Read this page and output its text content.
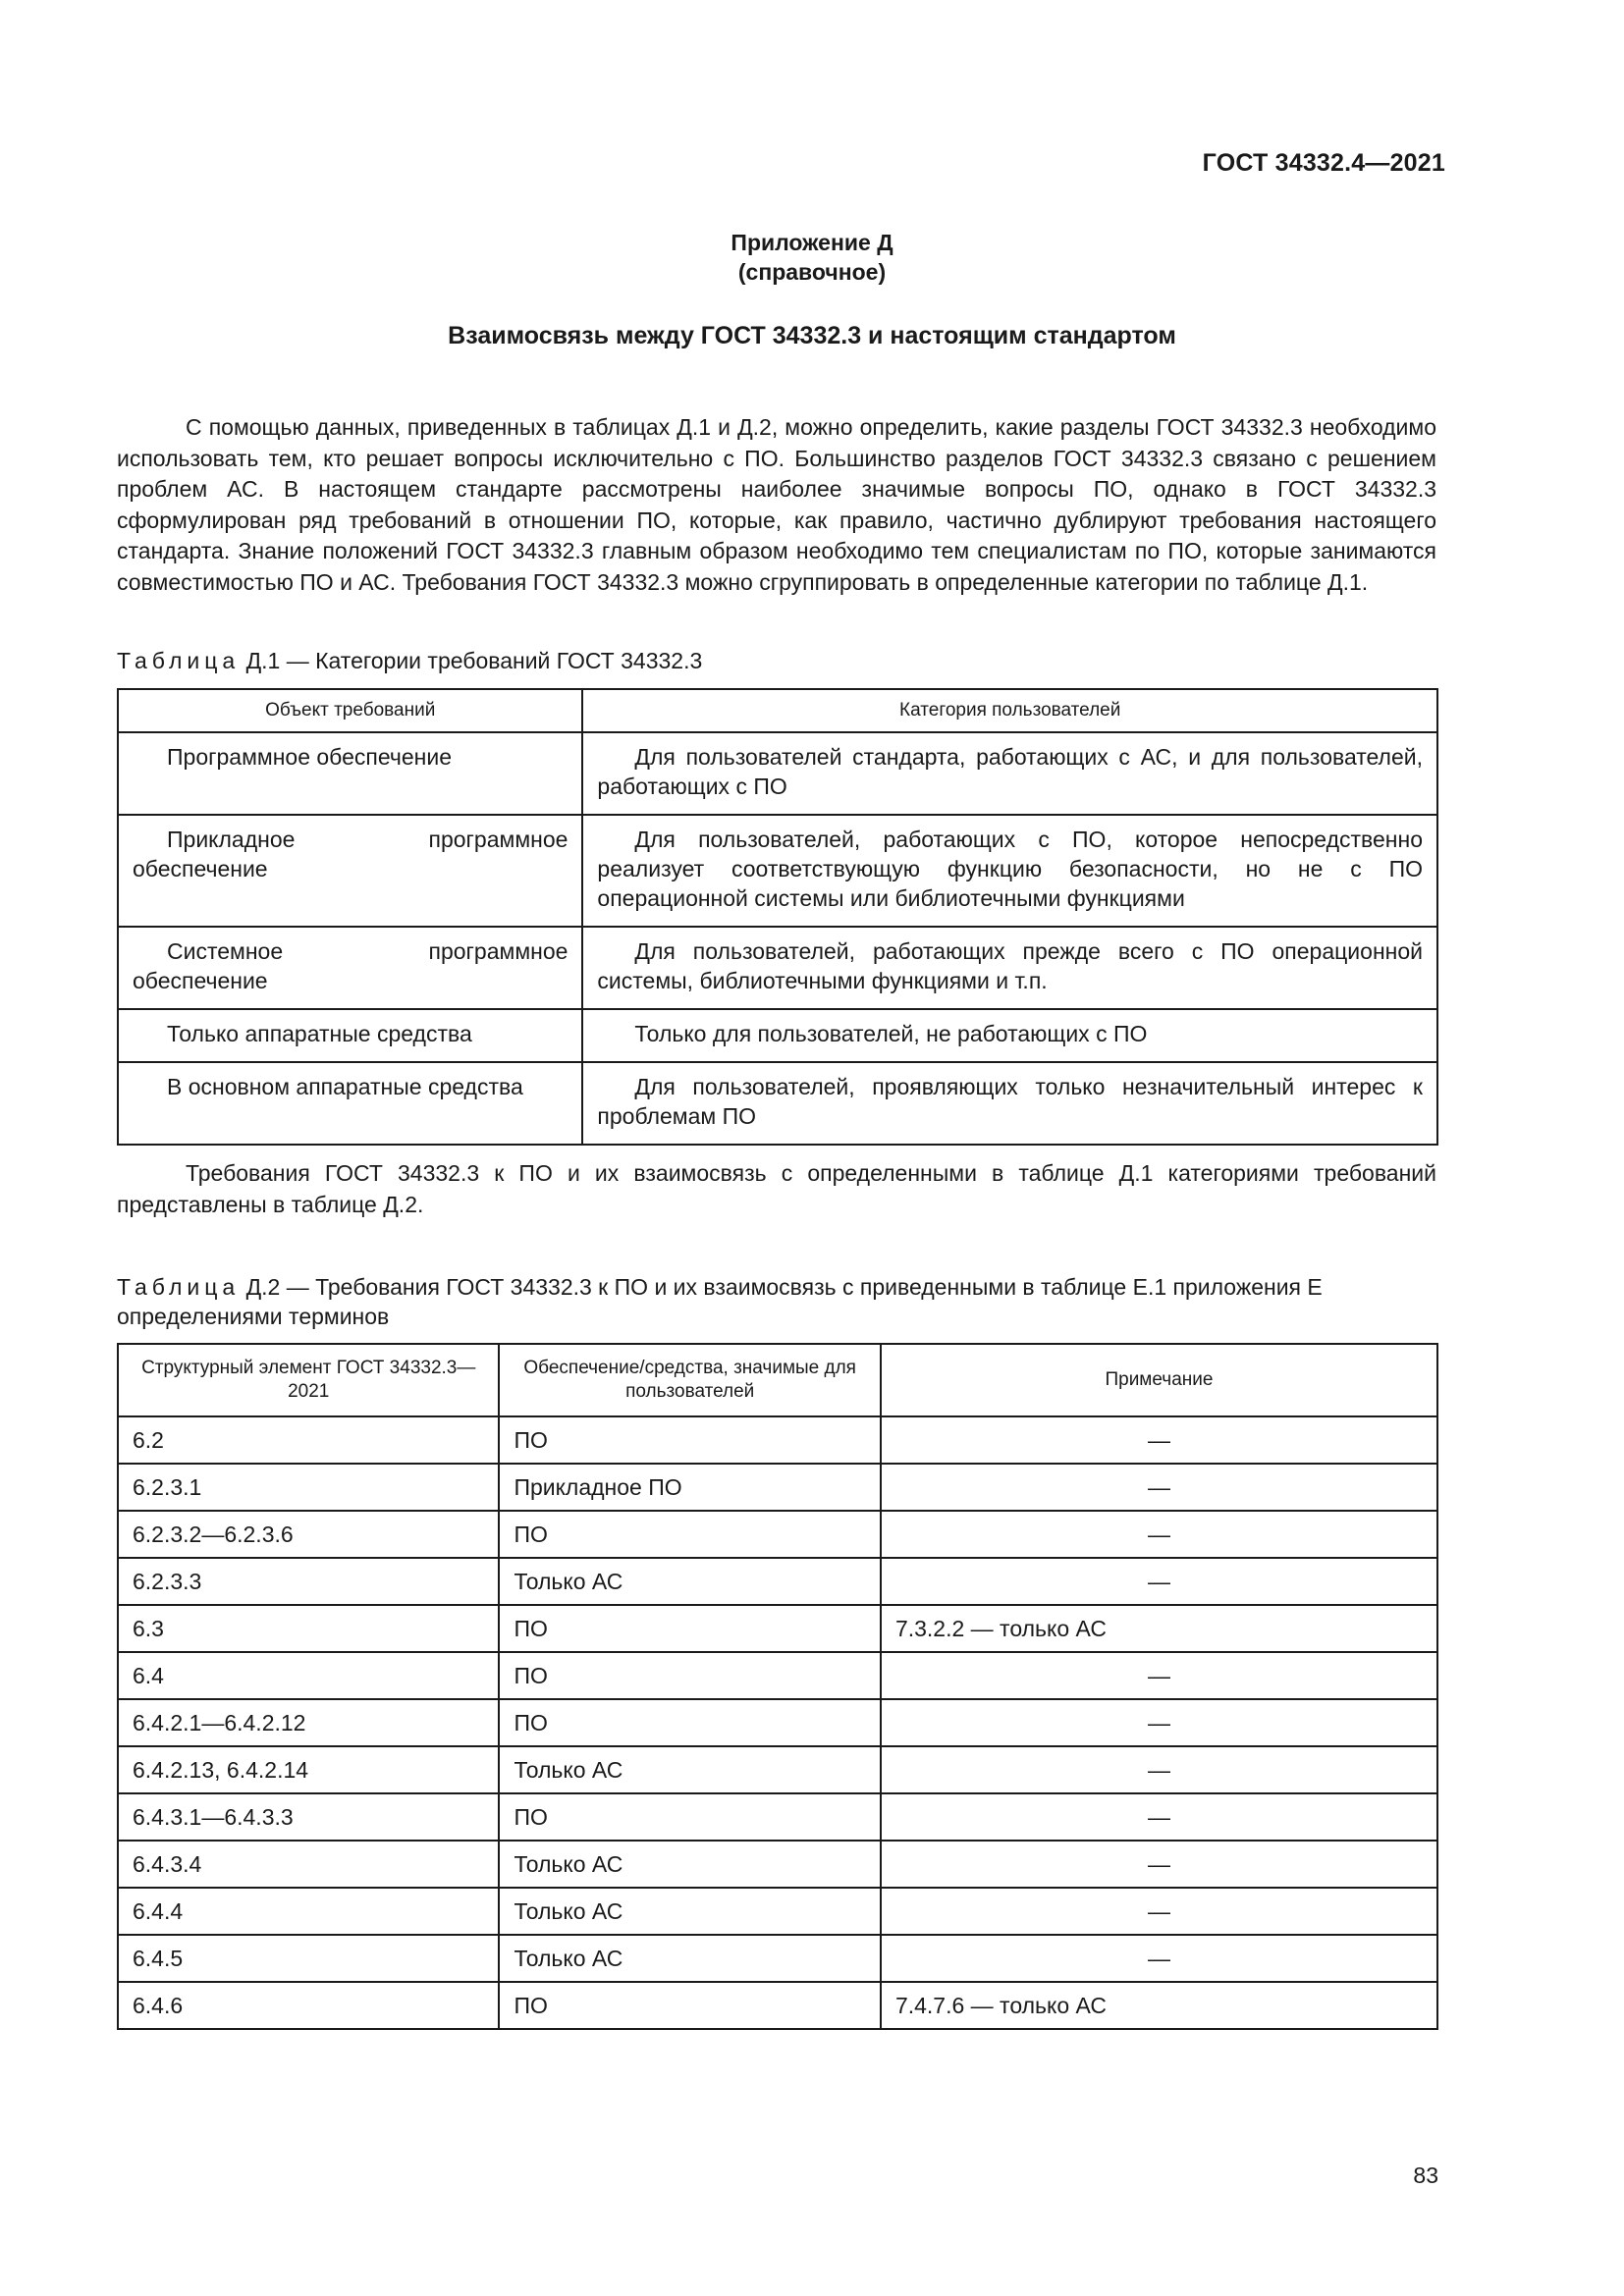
ГОСТ 34332.4—2021
Приложение Д
(справочное)
Взаимосвязь между ГОСТ 34332.3 и настоящим стандартом
С помощью данных, приведенных в таблицах Д.1 и Д.2, можно определить, какие разделы ГОСТ 34332.3 необходимо использовать тем, кто решает вопросы исключительно с ПО. Большинство разделов ГОСТ 34332.3 связано с решением проблем АС. В настоящем стандарте рассмотрены наиболее значимые вопросы ПО, однако в ГОСТ 34332.3 сформулирован ряд требований в отношении ПО, которые, как правило, частично дублируют требования настоящего стандарта. Знание положений ГОСТ 34332.3 главным образом необходимо тем специалистам по ПО, которые занимаются совместимостью ПО и АС. Требования ГОСТ 34332.3 можно сгруппировать в определенные категории по таблице Д.1.
Таблица Д.1 — Категории требований ГОСТ 34332.3
Объект требований	Категория пользователей
Программное обеспечение	Для пользователей стандарта, работающих с АС, и для пользователей, работающих с ПО
Прикладное программное обеспечение	Для пользователей, работающих с ПО, которое непосредственно реализует соответствующую функцию безопасности, но не с ПО операционной системы или библиотечными функциями
Системное программное обеспечение	Для пользователей, работающих прежде всего с ПО операционной системы, библиотечными функциями и т.п.
Только аппаратные средства	Только для пользователей, не работающих с ПО
В основном аппаратные средства	Для пользователей, проявляющих только незначительный интерес к проблемам ПО
Требования ГОСТ 34332.3 к ПО и их взаимосвязь с определенными в таблице Д.1 категориями требований представлены в таблице Д.2.
Таблица Д.2 — Требования ГОСТ 34332.3 к ПО и их взаимосвязь с приведенными в таблице Е.1 приложения Е определениями терминов
Структурный элемент ГОСТ 34332.3—2021	Обеспечение/средства, значимые для пользователей	Примечание
6.2	ПО	—
6.2.3.1	Прикладное ПО	—
6.2.3.2—6.2.3.6	ПО	—
6.2.3.3	Только АС	—
6.3	ПО	7.3.2.2 — только АС
6.4	ПО	—
6.4.2.1—6.4.2.12	ПО	—
6.4.2.13, 6.4.2.14	Только АС	—
6.4.3.1—6.4.3.3	ПО	—
6.4.3.4	Только АС	—
6.4.4	Только АС	—
6.4.5	Только АС	—
6.4.6	ПО	7.4.7.6 — только АС
83
